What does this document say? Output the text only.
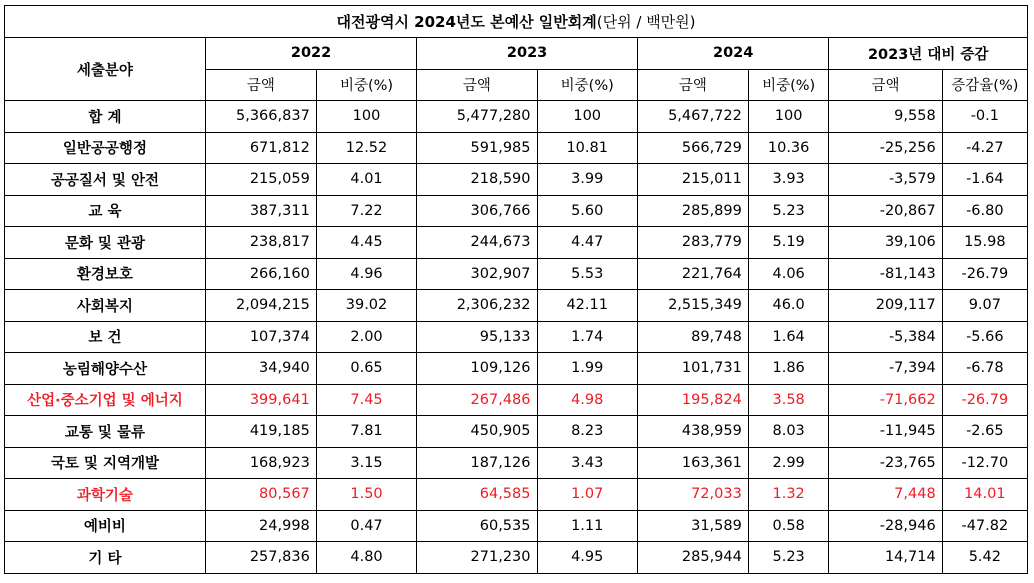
대전광역시 2024년도 본예산 일반회계(단위 / 백만원)								
세출분야	2022		2023		2024		2023년 대비 증감	
	금액	비중(%)	금액	비중(%)	금액	비중(%)	금액	증감율(%)
합 계	5,366,837	100	5,477,280	100	5,467,722	100	9,558	-0.1
일반공공행정	671,812	12.52	591,985	10.81	566,729	10.36	-25,256	-4.27
공공질서 및 안전	215,059	4.01	218,590	3.99	215,011	3.93	-3,579	-1.64
교 육	387,311	7.22	306,766	5.60	285,899	5.23	-20,867	-6.80
문화 및 관광	238,817	4.45	244,673	4.47	283,779	5.19	39,106	15.98
환경보호	266,160	4.96	302,907	5.53	221,764	4.06	-81,143	-26.79
사회복지	2,094,215	39.02	2,306,232	42.11	2,515,349	46.0	209,117	9.07
보 건	107,374	2.00	95,133	1.74	89,748	1.64	-5,384	-5.66
농림해양수산	34,940	0.65	109,126	1.99	101,731	1.86	-7,394	-6.78
산업·중소기업 및 에너지	399,641	7.45	267,486	4.98	195,824	3.58	-71,662	-26.79
교통 및 물류	419,185	7.81	450,905	8.23	438,959	8.03	-11,945	-2.65
국토 및 지역개발	168,923	3.15	187,126	3.43	163,361	2.99	-23,765	-12.70
과학기술	80,567	1.50	64,585	1.07	72,033	1.32	7,448	14.01
예비비	24,998	0.47	60,535	1.11	31,589	0.58	-28,946	-47.82
기 타	257,836	4.80	271,230	4.95	285,944	5.23	14,714	5.42
